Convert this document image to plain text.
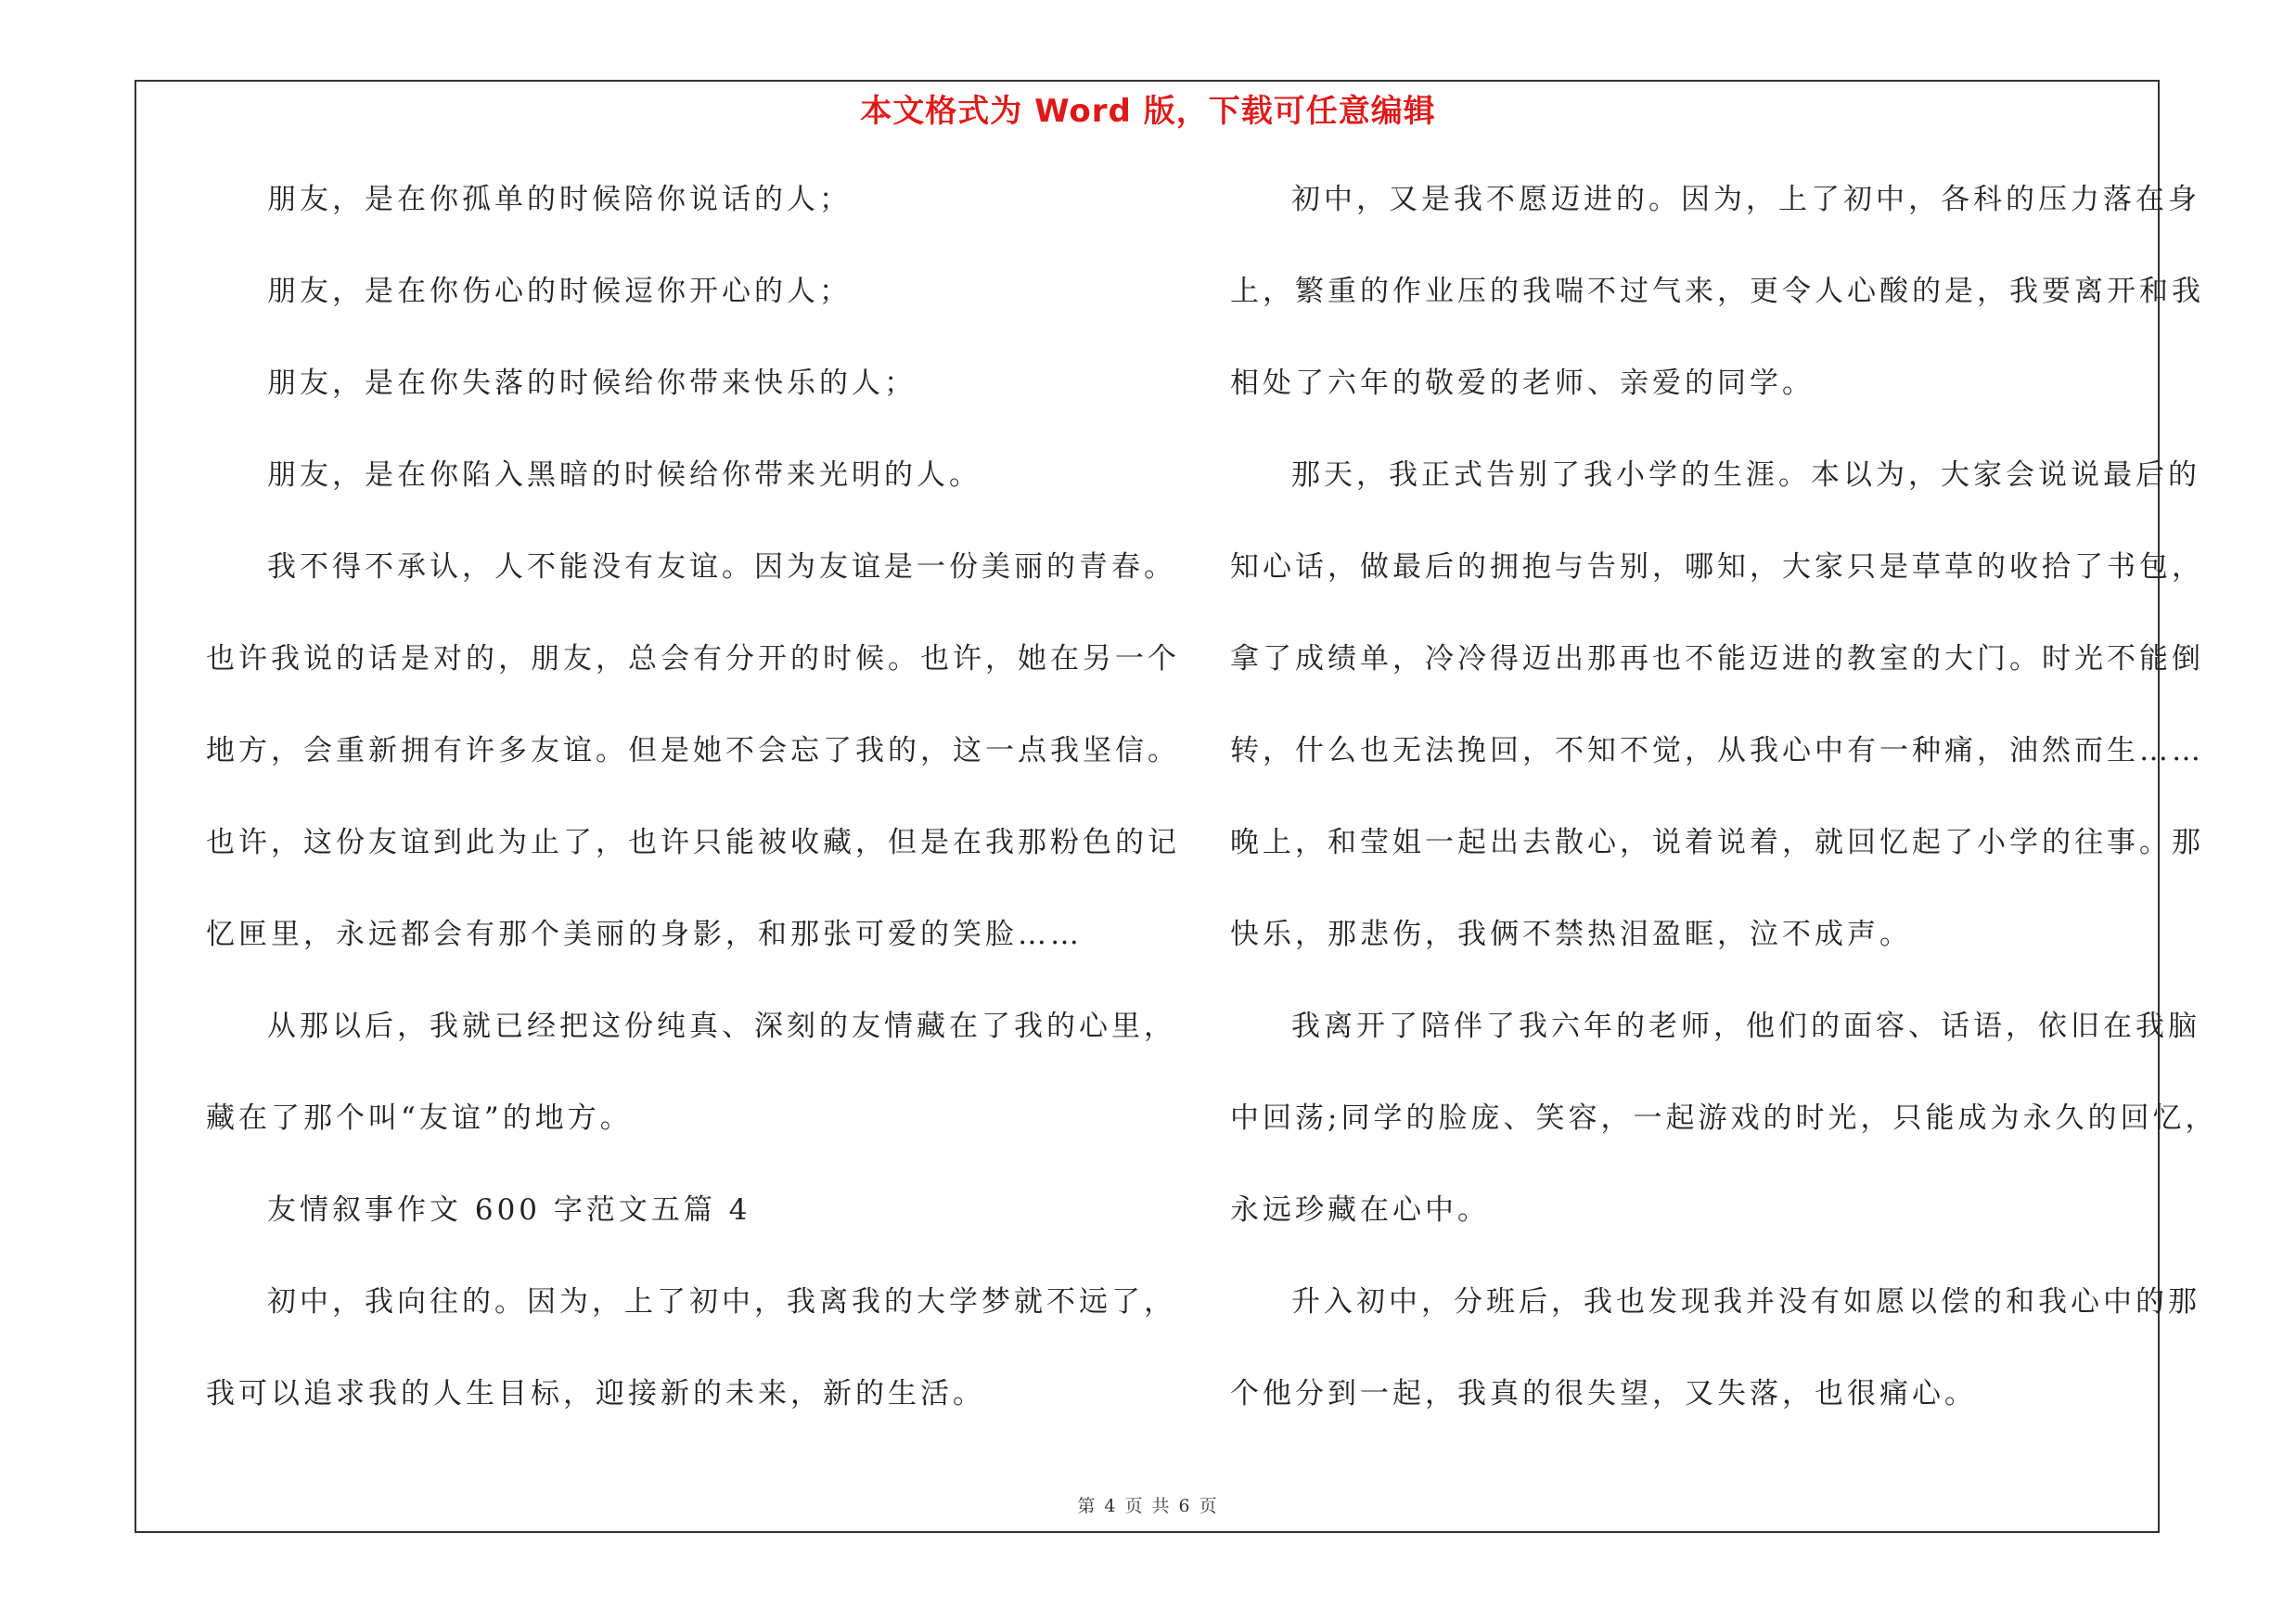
本文格式为 Word 版，下载可任意编辑
朋友，是在你孤单的时候陪你说话的人；
朋友，是在你伤心的时候逗你开心的人；
朋友，是在你失落的时候给你带来快乐的人；
朋友，是在你陷入黑暗的时候给你带来光明的人。
我不得不承认，人不能没有友谊。因为友谊是一份美丽的青春。
也许我说的话是对的，朋友，总会有分开的时候。也许，她在另一个
地方，会重新拥有许多友谊。但是她不会忘了我的，这一点我坚信。
也许，这份友谊到此为止了，也许只能被收藏，但是在我那粉色的记
忆匣里，永远都会有那个美丽的身影，和那张可爱的笑脸……
从那以后，我就已经把这份纯真、深刻的友情藏在了我的心里，
藏在了那个叫“友谊”的地方。
友情叙事作文 600 字范文五篇 4
初中，我向往的。因为，上了初中，我离我的大学梦就不远了，
我可以追求我的人生目标，迎接新的未来，新的生活。
初中，又是我不愿迈进的。因为，上了初中，各科的压力落在身
上，繁重的作业压的我喘不过气来，更令人心酸的是，我要离开和我
相处了六年的敬爱的老师、亲爱的同学。
那天，我正式告别了我小学的生涯。本以为，大家会说说最后的
知心话，做最后的拥抱与告别，哪知，大家只是草草的收拾了书包，
拿了成绩单，冷冷得迈出那再也不能迈进的教室的大门。时光不能倒
转，什么也无法挽回，不知不觉，从我心中有一种痛，油然而生……
晚上，和莹姐一起出去散心，说着说着，就回忆起了小学的往事。那
快乐，那悲伤，我俩不禁热泪盈眶，泣不成声。
我离开了陪伴了我六年的老师，他们的面容、话语，依旧在我脑
中回荡;同学的脸庞、笑容，一起游戏的时光，只能成为永久的回忆，
永远珍藏在心中。
升入初中，分班后，我也发现我并没有如愿以偿的和我心中的那
个他分到一起，我真的很失望，又失落，也很痛心。
第 4 页 共 6 页
